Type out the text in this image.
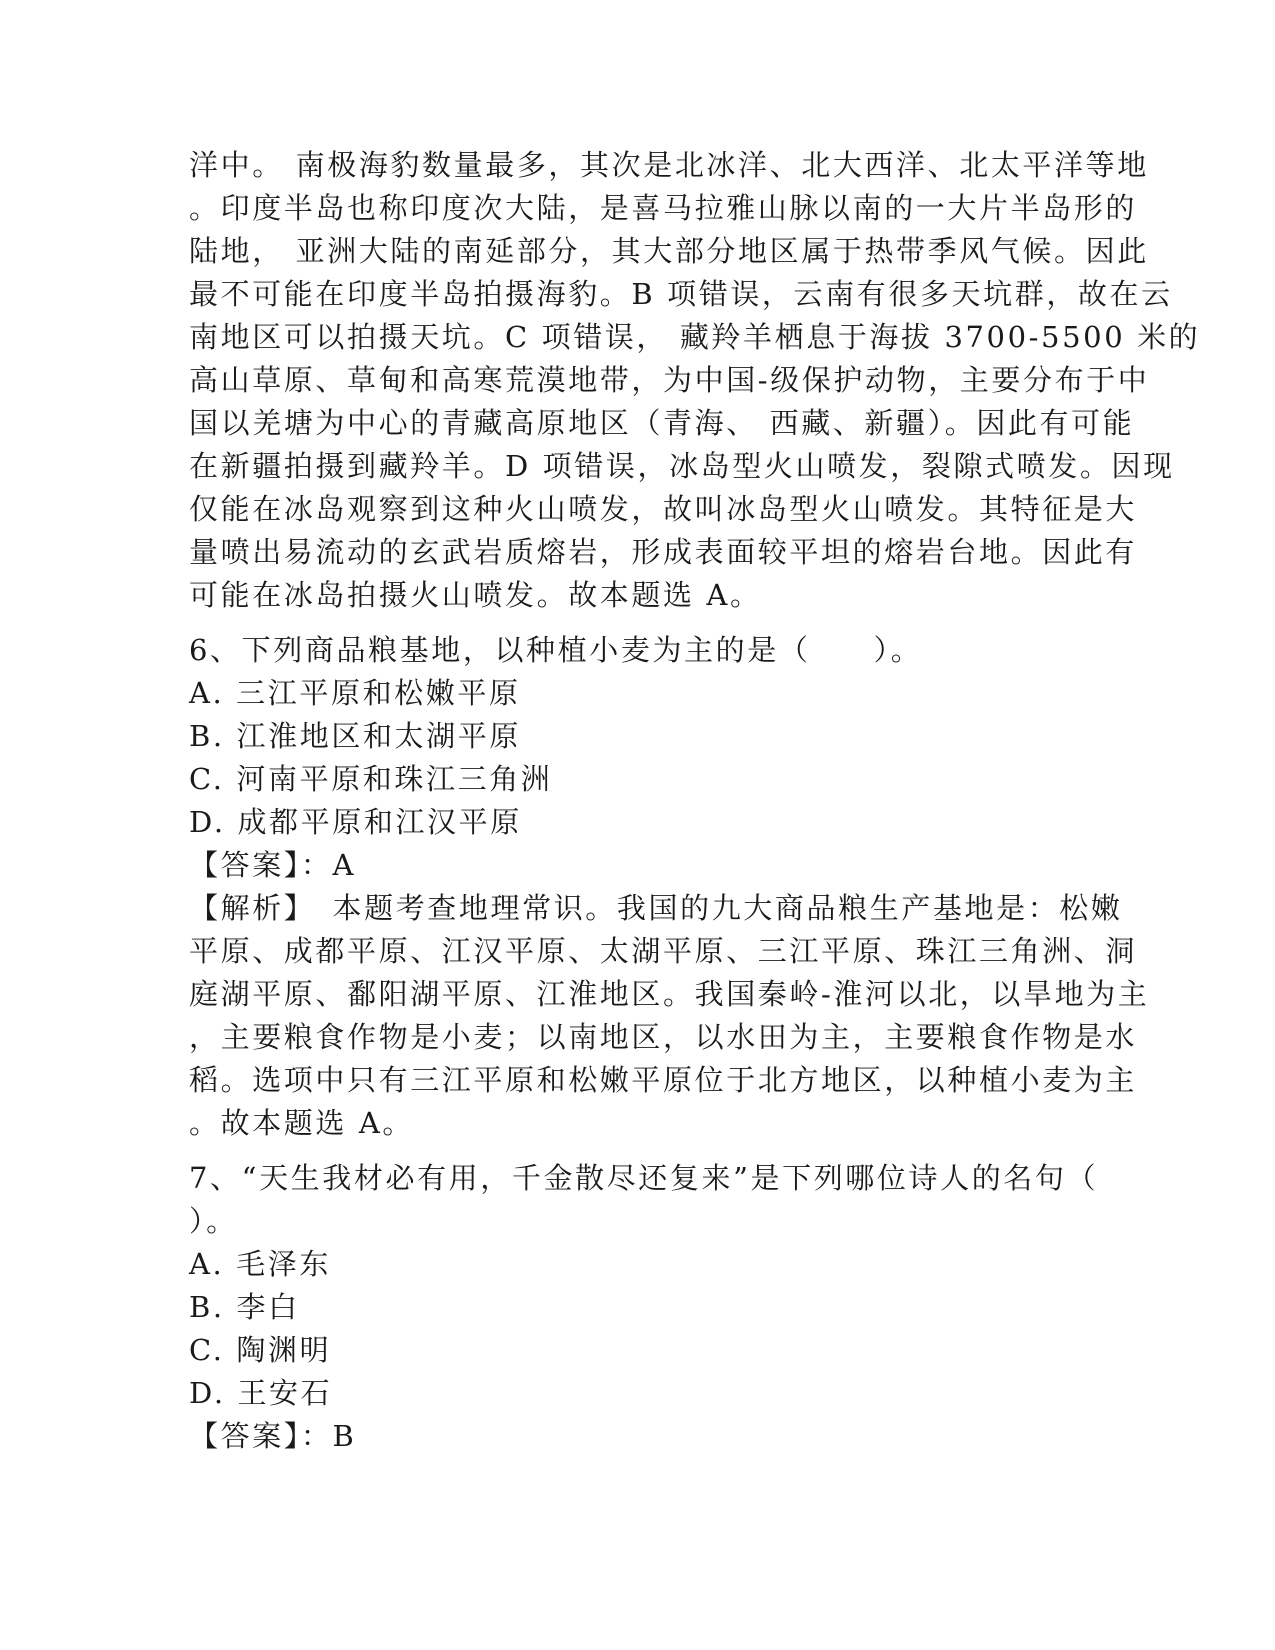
洋中。 南极海豹数量最多，其次是北冰洋、北大西洋、北太平洋等地
。印度半岛也称印度次大陆，是喜马拉雅山脉以南的一大片半岛形的
陆地， 亚洲大陆的南延部分，其大部分地区属于热带季风气候。因此
最不可能在印度半岛拍摄海豹。B 项错误，云南有很多天坑群，故在云
南地区可以拍摄天坑。C 项错误， 藏羚羊栖息于海拔 3700-5500 米的
高山草原、草甸和高寒荒漠地带，为中国-级保护动物，主要分布于中
国以羌塘为中心的青藏高原地区（青海、 西藏、新疆）。因此有可能
在新疆拍摄到藏羚羊。D 项错误，冰岛型火山喷发，裂隙式喷发。因现
仅能在冰岛观察到这种火山喷发，故叫冰岛型火山喷发。其特征是大
量喷出易流动的玄武岩质熔岩，形成表面较平坦的熔岩台地。因此有
可能在冰岛拍摄火山喷发。故本题选 A。
6、下列商品粮基地，以种植小麦为主的是（　　）。
A. 三江平原和松嫩平原
B. 江淮地区和太湖平原
C. 河南平原和珠江三角洲
D. 成都平原和江汉平原
【答案】：A
【解析】　本题考查地理常识。我国的九大商品粮生产基地是：松嫩
平原、成都平原、江汉平原、太湖平原、三江平原、珠江三角洲、洞
庭湖平原、鄱阳湖平原、江淮地区。我国秦岭-淮河以北，以旱地为主
，主要粮食作物是小麦；以南地区，以水田为主，主要粮食作物是水
稻。选项中只有三江平原和松嫩平原位于北方地区，以种植小麦为主
。故本题选 A。
7、“天生我材必有用，千金散尽还复来”是下列哪位诗人的名句（
）。
A. 毛泽东
B. 李白
C. 陶渊明
D. 王安石
【答案】：B
